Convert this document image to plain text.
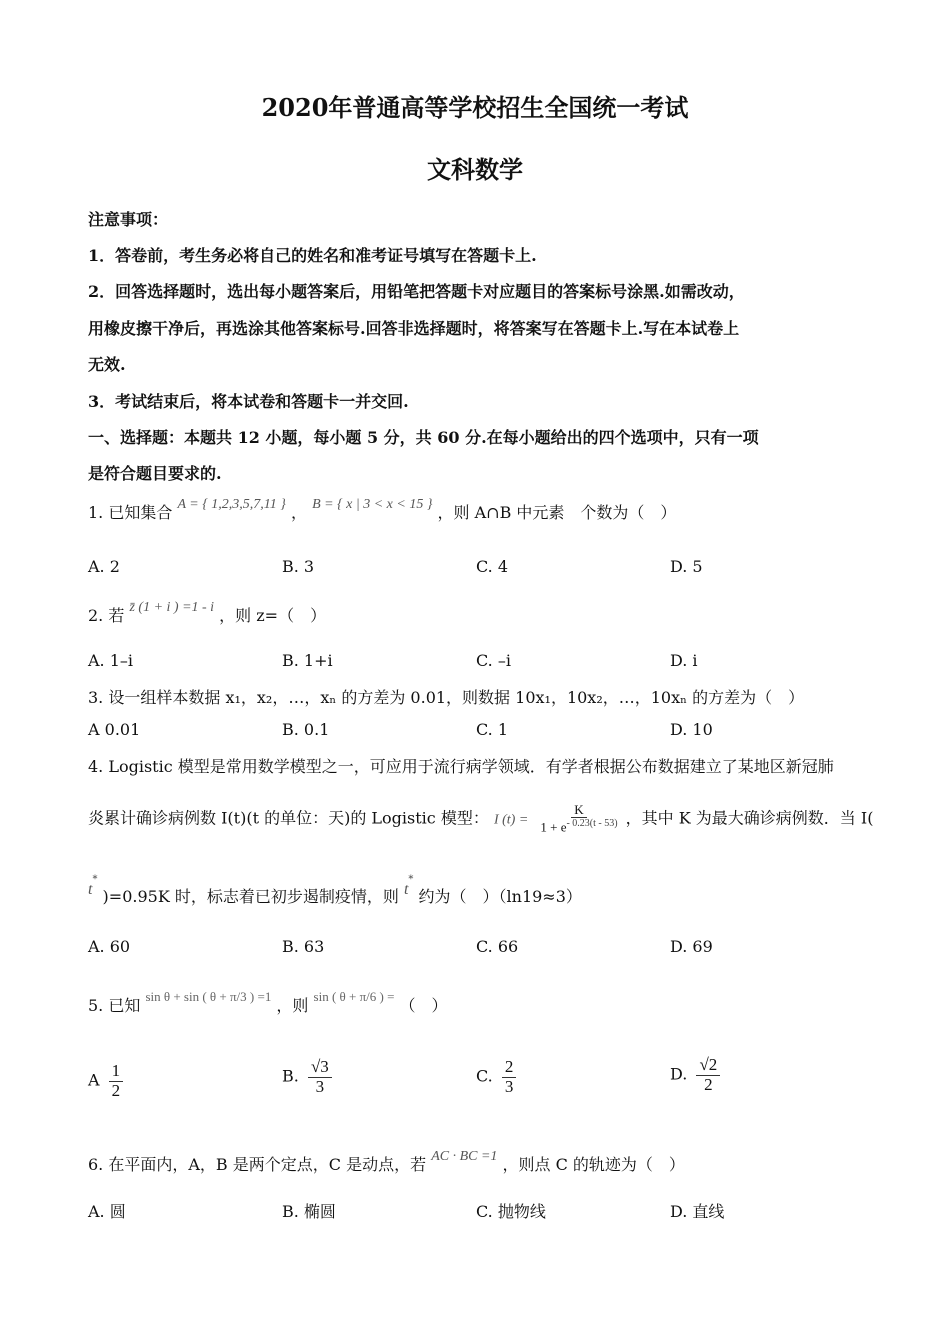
2020年普通高等学校招生全国统一考试
文科数学
注意事项：
1．答卷前，考生务必将自己的姓名和准考证号填写在答题卡上.
2．回答选择题时，选出每小题答案后，用铅笔把答题卡对应题目的答案标号涂黑.如需改动，
用橡皮擦干净后，再选涂其他答案标号.回答非选择题时，将答案写在答题卡上.写在本试卷上
无效.
3．考试结束后，将本试卷和答题卡一并交回.
一、选择题：本题共 12 小题，每小题 5 分，共 60 分.在每小题给出的四个选项中，只有一项
是符合题目要求的.
1. 已知集合 A = { 1,2,3,5,7,11 } ， B = { x | 3 < x < 15 } ，则 A∩B 中元素　个数为（　）
A. 2	B. 3	C. 4	D. 5
2. 若 z̄ (1 + i ) =1 - i ，则 z=（　）
A. 1–i	B. 1+i	C. –i	D. i
3. 设一组样本数据 x₁，x₂，…，xₙ 的方差为 0.01，则数据 10x₁，10x₂，…，10xₙ 的方差为（　）
A 0.01	B. 0.1	C. 1	D. 10
4. Logistic 模型是常用数学模型之一，可应用于流行病学领域．有学者根据公布数据建立了某地区新冠肺
炎累计确诊病例数 I(t)(t 的单位：天)的 Logistic 模型： I $(t) = \frac{K}{1 + e^{- 0.23(t - 53)}}$ ，其中 K 为最大确诊病例数．当 I(
t* )=0.95K 时，标志着已初步遏制疫情，则 t* 约为（　）（ln19≈3）
A. 60	B. 63	C. 66	D. 69
5. 已知 $^{sin \theta + sin ( \theta + \pi/3 ) =1}$ ，则 $^{sin ( \theta + \pi/6 ) =}$ （　）
A $\frac{1}{2}$	B. $\frac{√3}{3}$	C. $\frac{2}{3}$	D. $\frac{√2}{2}$
6. 在平面内，A，B 是两个定点，C 是动点，若 AC · BC =1 ，则点 C 的轨迹为（　）
A. 圆	B. 椭圆	C. 抛物线	D. 直线
